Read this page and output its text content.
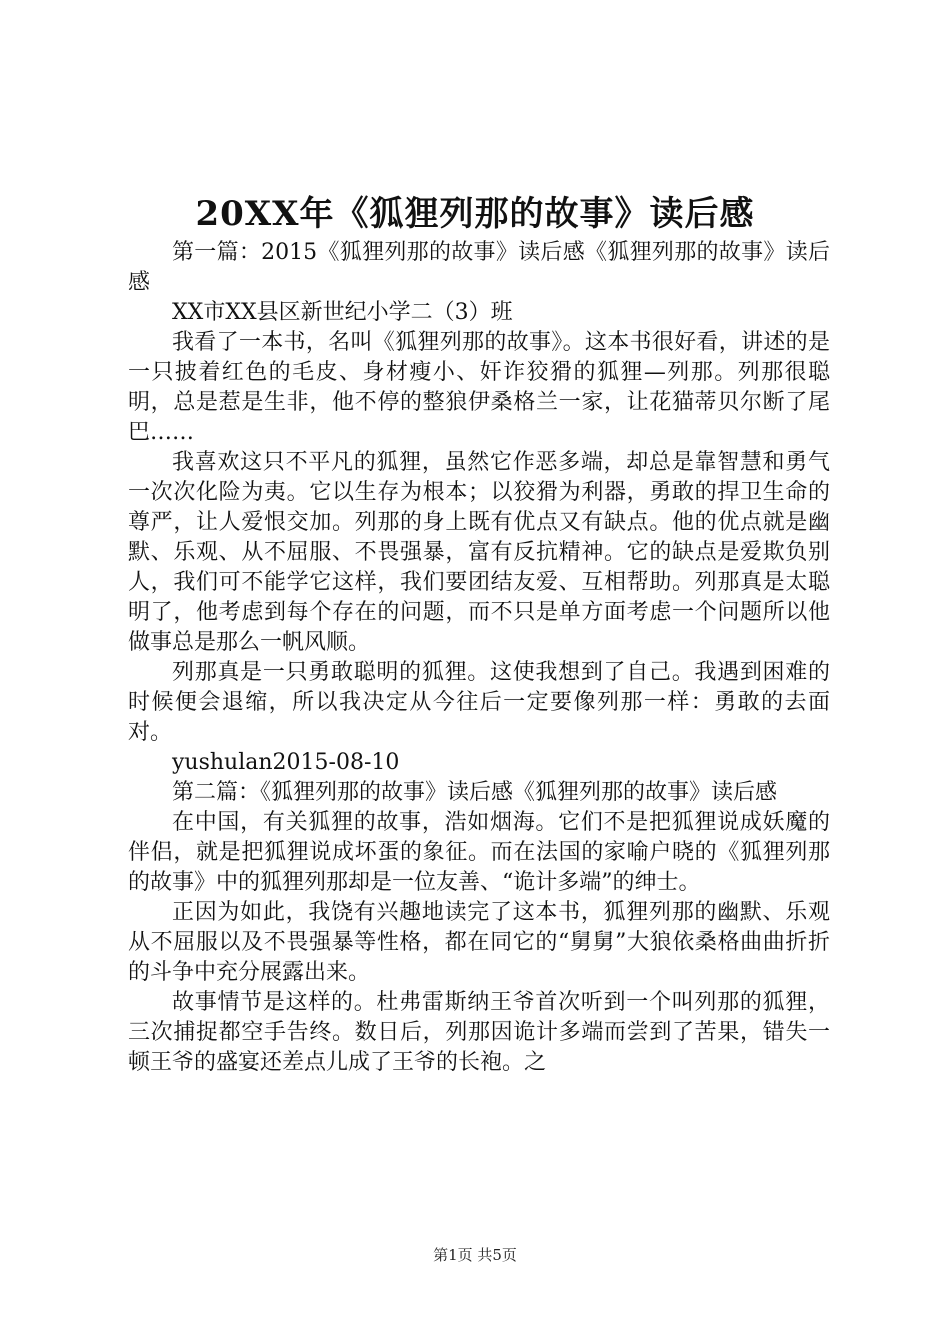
20XX年《狐狸列那的故事》读后感

第一篇：2015《狐狸列那的故事》读后感《狐狸列那的故事》读后感

XX市XX县区新世纪小学二（3）班

我看了一本书，名叫《狐狸列那的故事》。这本书很好看，讲述的是一只披着红色的毛皮、身材瘦小、奸诈狡猾的狐狸—列那。列那很聪明，总是惹是生非，他不停的整狼伊桑格兰一家，让花猫蒂贝尔断了尾巴……

我喜欢这只不平凡的狐狸，虽然它作恶多端，却总是靠智慧和勇气一次次化险为夷。它以生存为根本；以狡猾为利器，勇敢的捍卫生命的尊严，让人爱恨交加。列那的身上既有优点又有缺点。他的优点就是幽默、乐观、从不屈服、不畏强暴，富有反抗精神。它的缺点是爱欺负别人，我们可不能学它这样，我们要团结友爱、互相帮助。列那真是太聪明了，他考虑到每个存在的问题，而不只是单方面考虑一个问题所以他做事总是那么一帆风顺。

列那真是一只勇敢聪明的狐狸。这使我想到了自己。我遇到困难的时候便会退缩，所以我决定从今往后一定要像列那一样：勇敢的去面对。

yushulan2015-08-10

第二篇：《狐狸列那的故事》读后感《狐狸列那的故事》读后感

在中国，有关狐狸的故事，浩如烟海。它们不是把狐狸说成妖魔的伴侣，就是把狐狸说成坏蛋的象征。而在法国的家喻户晓的《狐狸列那的故事》中的狐狸列那却是一位友善、“诡计多端”的绅士。

正因为如此，我饶有兴趣地读完了这本书，狐狸列那的幽默、乐观从不屈服以及不畏强暴等性格，都在同它的“舅舅”大狼依桑格曲曲折折的斗争中充分展露出来。

故事情节是这样的。杜弗雷斯纳王爷首次听到一个叫列那的狐狸，三次捕捉都空手告终。数日后，列那因诡计多端而尝到了苦果，错失一顿王爷的盛宴还差点儿成了王爷的长袍。之

第1页 共5页
